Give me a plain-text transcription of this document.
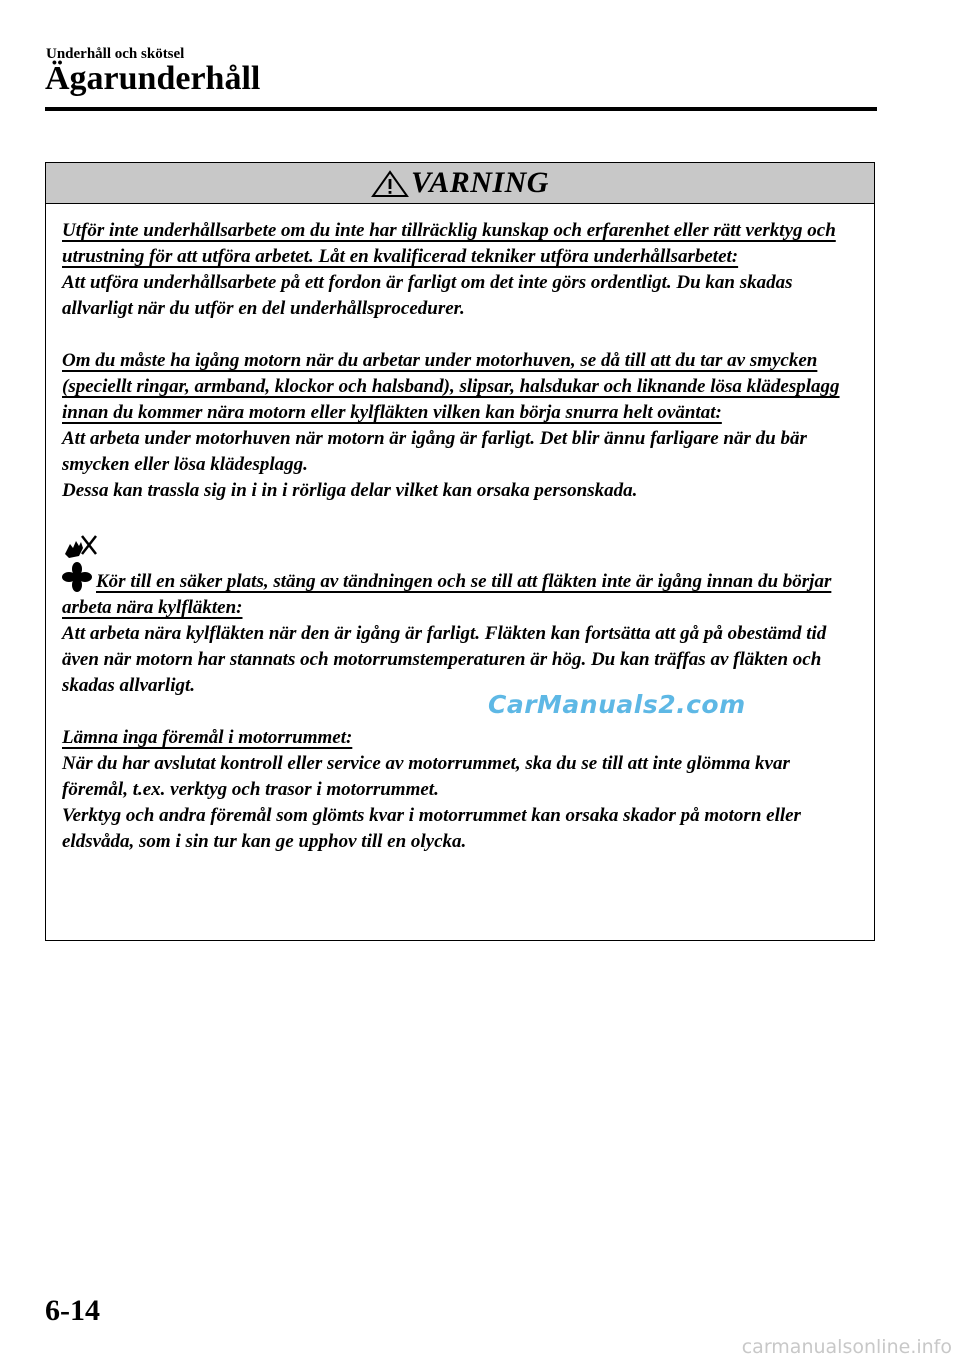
Underhåll och skötsel
Ägarunderhåll
VARNING

Utför inte underhållsarbete om du inte har tillräcklig kunskap och erfarenhet eller rätt verktyg och utrustning för att utföra arbetet. Låt en kvalificerad tekniker utföra underhållsarbetet:

Att utföra underhållsarbete på ett fordon är farligt om det inte görs ordentligt. Du kan skadas allvarligt när du utför en del underhållsprocedurer.

Om du måste ha igång motorn när du arbetar under motorhuven, se då till att du tar av smycken (speciellt ringar, armband, klockor och halsband), slipsar, halsdukar och liknande lösa klädesplagg innan du kommer nära motorn eller kylfläkten vilken kan börja snurra helt oväntat:

Att arbeta under motorhuven när motorn är igång är farligt. Det blir ännu farligare när du bär smycken eller lösa klädesplagg.

Dessa kan trassla sig in i in i rörliga delar vilket kan orsaka personskada.

Kör till en säker plats, stäng av tändningen och se till att fläkten inte är igång innan du börjar arbeta nära kylfläkten:

Att arbeta nära kylfläkten när den är igång är farligt. Fläkten kan fortsätta att gå på obestämd tid även när motorn har stannats och motorrumstemperaturen är hög. Du kan träffas av fläkten och skadas allvarligt.

Lämna inga föremål i motorrummet:

När du har avslutat kontroll eller service av motorrummet, ska du se till att inte glömma kvar föremål, t.ex. verktyg och trasor i motorrummet.

Verktyg och andra föremål som glömts kvar i motorrummet kan orsaka skador på motorn eller eldsvåda, som i sin tur kan ge upphov till en olycka.

CarManuals2.com
6-14
carmanualsonline.info
